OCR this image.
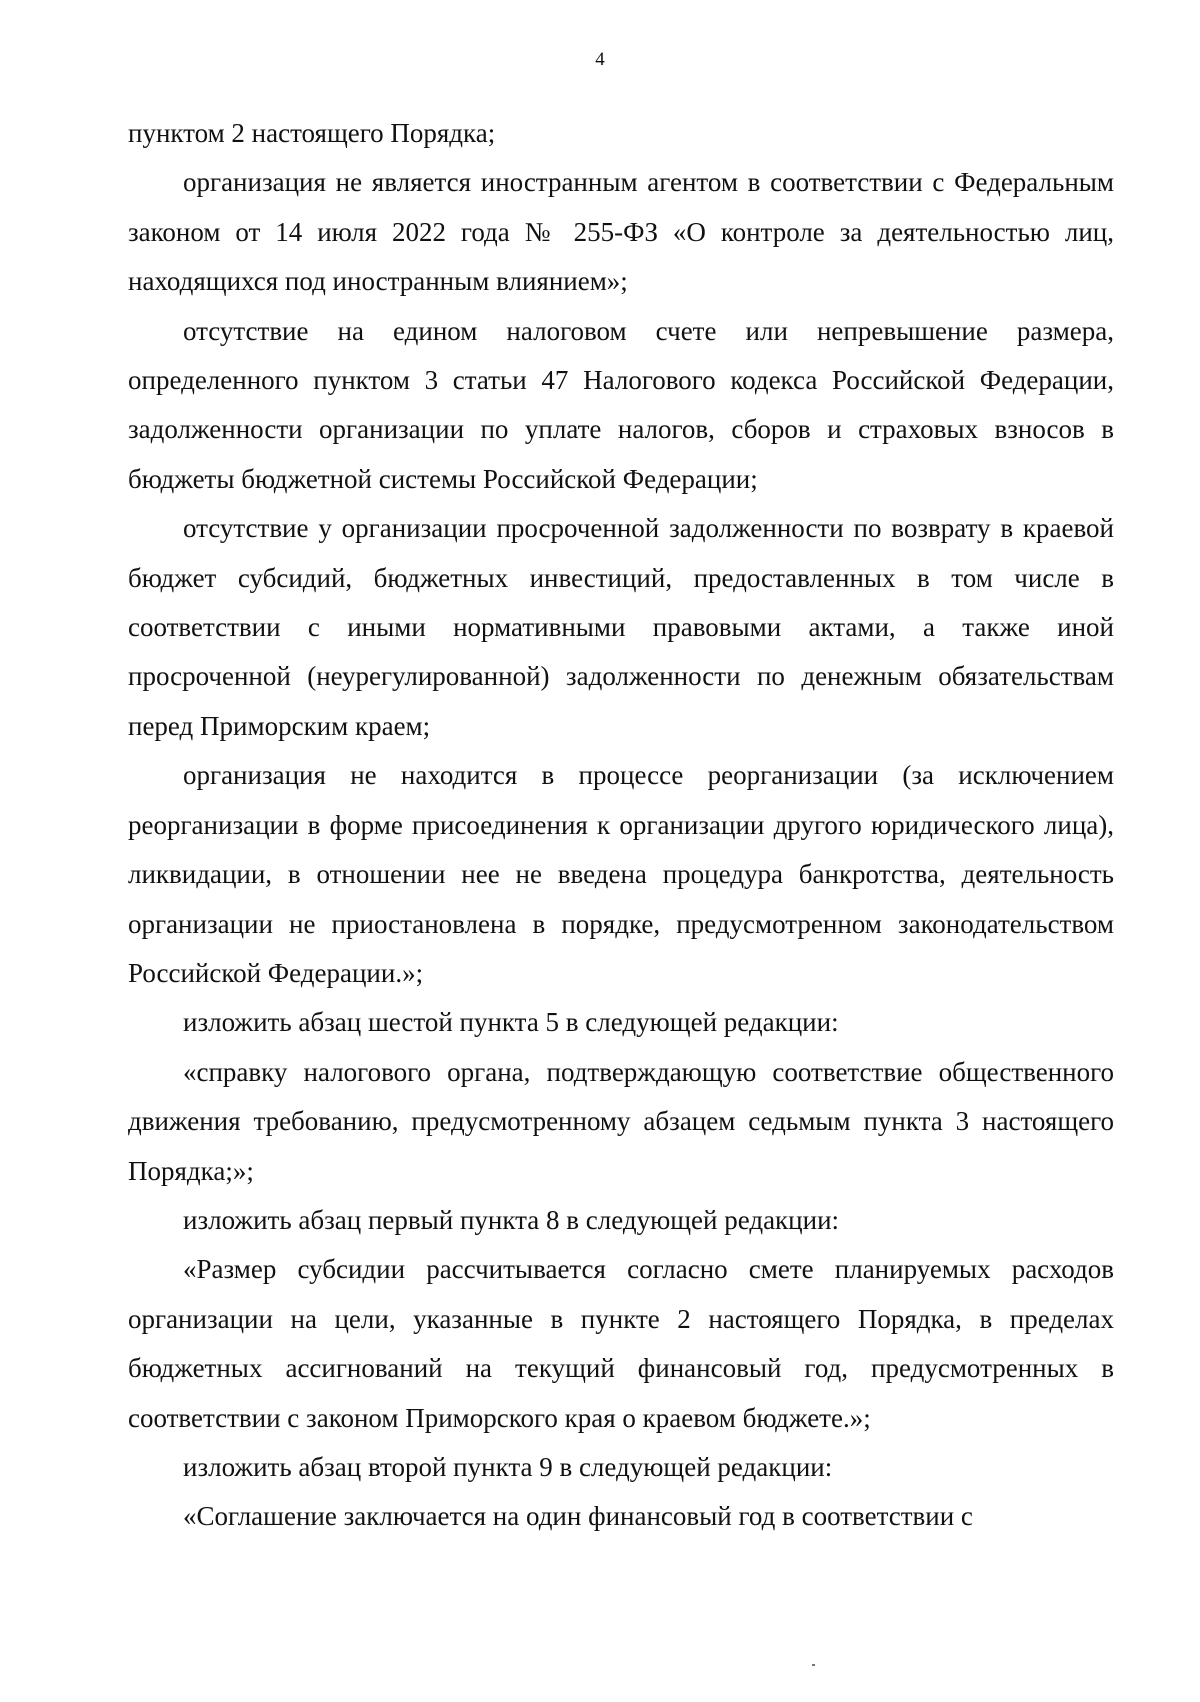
4

пунктом 2 настоящего Порядка;

организация не является иностранным агентом в соответствии с Федеральным законом от 14 июля 2022 года № 255-ФЗ «О контроле за деятельностью лиц, находящихся под иностранным влиянием»;

отсутствие на едином налоговом счете или непревышение размера, определенного пунктом 3 статьи 47 Налогового кодекса Российской Федерации, задолженности организации по уплате налогов, сборов и страховых взносов в бюджеты бюджетной системы Российской Федерации;

отсутствие у организации просроченной задолженности по возврату в краевой бюджет субсидий, бюджетных инвестиций, предоставленных в том числе в соответствии с иными нормативными правовыми актами, а также иной просроченной (неурегулированной) задолженности по денежным обязательствам перед Приморским краем;

организация не находится в процессе реорганизации (за исключением реорганизации в форме присоединения к организации другого юридического лица), ликвидации, в отношении нее не введена процедура банкротства, деятельность организации не приостановлена в порядке, предусмотренном законодательством Российской Федерации.»;

изложить абзац шестой пункта 5 в следующей редакции:

«справку налогового органа, подтверждающую соответствие общественного движения требованию, предусмотренному абзацем седьмым пункта 3 настоящего Порядка;»;

изложить абзац первый пункта 8 в следующей редакции:

«Размер субсидии рассчитывается согласно смете планируемых расходов организации на цели, указанные в пункте 2 настоящего Порядка, в пределах бюджетных ассигнований на текущий финансовый год, предусмотренных в соответствии с законом Приморского края о краевом бюджете.»;

изложить абзац второй пункта 9 в следующей редакции:

«Соглашение заключается на один финансовый год в соответствии с
